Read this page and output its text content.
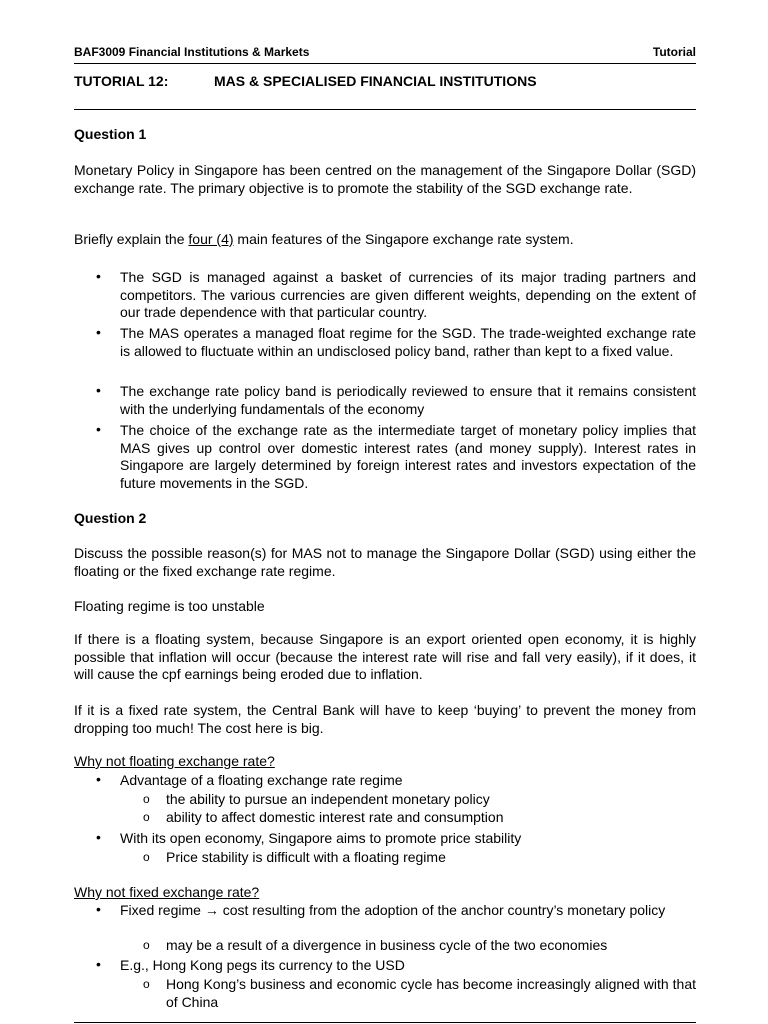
BAF3009 Financial Institutions & Markets	Tutorial
TUTORIAL 12:	MAS & SPECIALISED FINANCIAL INSTITUTIONS
Question 1
Monetary Policy in Singapore has been centred on the management of the Singapore Dollar (SGD) exchange rate. The primary objective is to promote the stability of the SGD exchange rate.
Briefly explain the four (4) main features of the Singapore exchange rate system.
• The SGD is managed against a basket of currencies of its major trading partners and competitors. The various currencies are given different weights, depending on the extent of our trade dependence with that particular country.
• The MAS operates a managed float regime for the SGD. The trade-weighted exchange rate is allowed to fluctuate within an undisclosed policy band, rather than kept to a fixed value.
• The exchange rate policy band is periodically reviewed to ensure that it remains consistent with the underlying fundamentals of the economy
• The choice of the exchange rate as the intermediate target of monetary policy implies that MAS gives up control over domestic interest rates (and money supply). Interest rates in Singapore are largely determined by foreign interest rates and investors expectation of the future movements in the SGD.
Question 2
Discuss the possible reason(s) for MAS not to manage the Singapore Dollar (SGD) using either the floating or the fixed exchange rate regime.
Floating regime is too unstable
If there is a floating system, because Singapore is an export oriented open economy, it is highly possible that inflation will occur (because the interest rate will rise and fall very easily), if it does, it will cause the cpf earnings being eroded due to inflation.
If it is a fixed rate system, the Central Bank will have to keep ‘buying’ to prevent the money from dropping too much! The cost here is big.
Why not floating exchange rate?
• Advantage of a floating exchange rate regime
o the ability to pursue an independent monetary policy
o ability to affect domestic interest rate and consumption
• With its open economy, Singapore aims to promote price stability
o Price stability is difficult with a floating regime
Why not fixed exchange rate?
• Fixed regime → cost resulting from the adoption of the anchor country’s monetary policy
o may be a result of a divergence in business cycle of the two economies
• E.g., Hong Kong pegs its currency to the USD
o Hong Kong’s business and economic cycle has become increasingly aligned with that of China
